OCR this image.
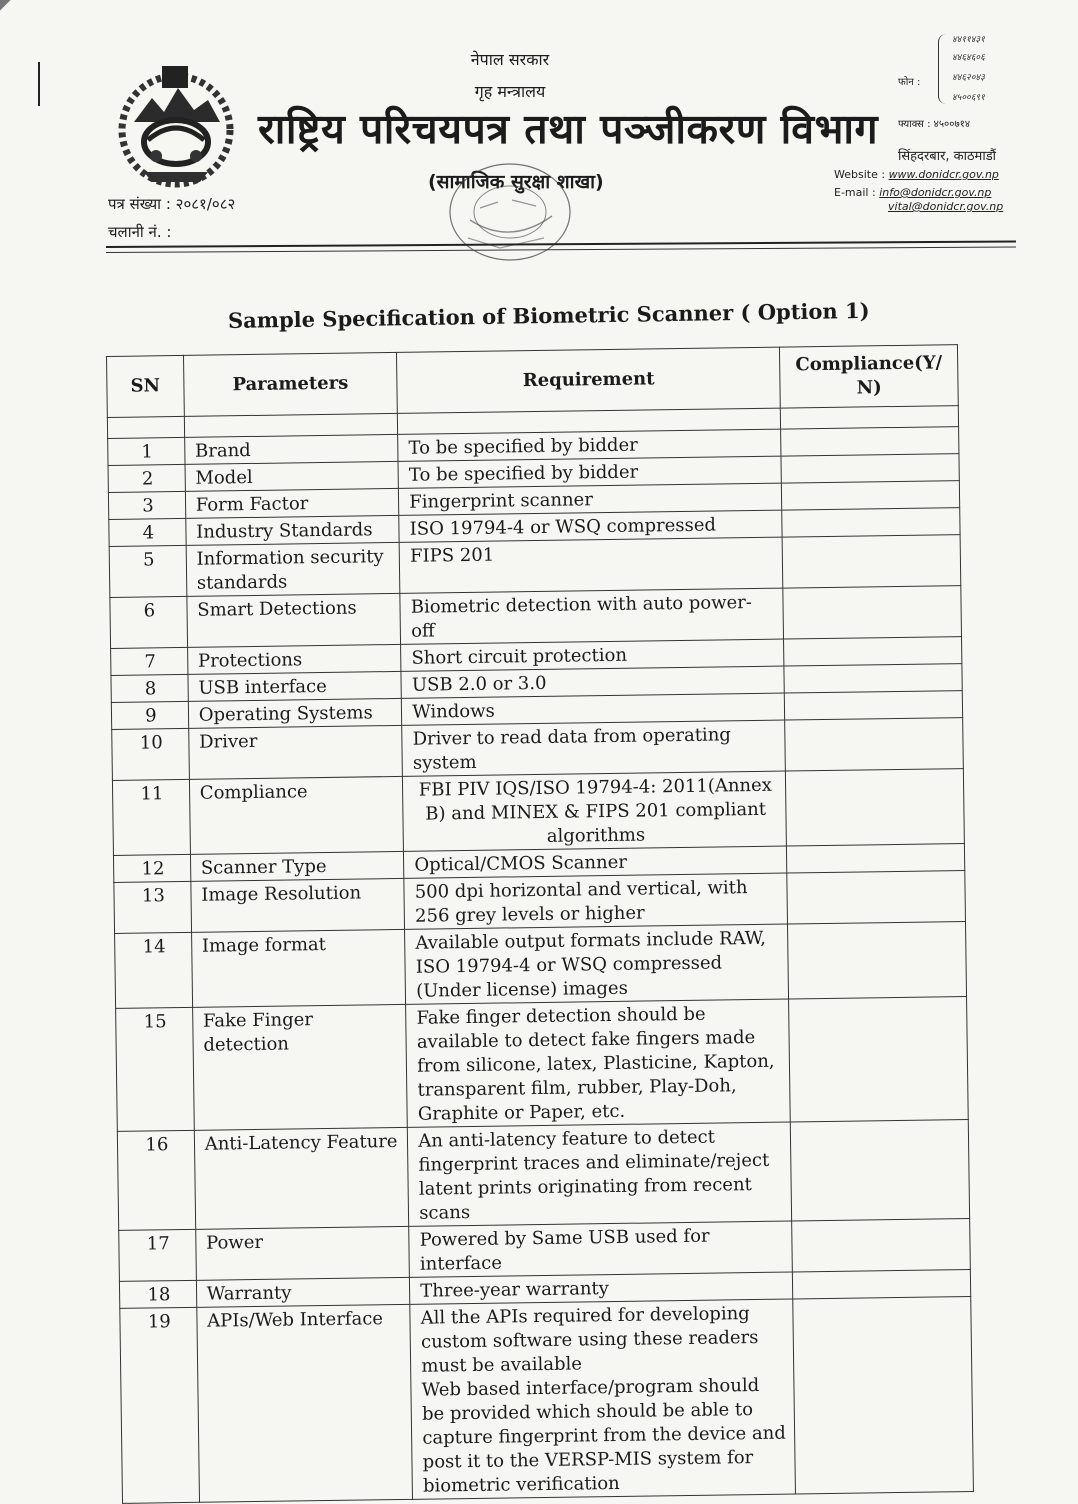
नेपाल सरकार
गृह मन्त्रालय
राष्ट्रिय परिचयपत्र तथा पञ्जीकरण विभाग
(सामाजिक सुरक्षा शाखा)
पत्र संख्या : २०८१/०८२
चलानी नं. :
फोन :
४४११४३१
४४६४६०६
४४६२०४३
४५००६९१
फ्याक्स : ४५००७१४
सिंहदरबार, काठमाडौं
Website : www.donidcr.gov.np
E-mail : info@donidcr.gov.np
vital@donidcr.gov.np
Sample Specification of Biometric Scanner ( Option 1)
SN	Parameters	Requirement	Compliance(Y/ N)

1	Brand	To be specified by bidder	

2	Model	To be specified by bidder	

3	Form Factor	Fingerprint scanner	

4	Industry Standards	ISO 19794-4 or WSQ compressed	

5	Information security standards	FIPS 201	

6	Smart Detections	Biometric detection with auto power-off	

7	Protections	Short circuit protection	

8	USB interface	USB 2.0 or 3.0	

9	Operating Systems	Windows	

10	Driver	Driver to read data from operating system	

11	Compliance	FBI PIV IQS/ISO 19794-4: 2011(Annex B) and MINEX & FIPS 201 compliant algorithms	

12	Scanner Type	Optical/CMOS Scanner	

13	Image Resolution	500 dpi horizontal and vertical, with 256 grey levels or higher	

14	Image format	Available output formats include RAW, ISO 19794-4 or WSQ compressed (Under license) images	

15	Fake Finger detection	Fake finger detection should be available to detect fake fingers made from silicone, latex, Plasticine, Kapton, transparent film, rubber, Play-Doh, Graphite or Paper, etc.	

16	Anti-Latency Feature	An anti-latency feature to detect fingerprint traces and eliminate/reject latent prints originating from recent scans	

17	Power	Powered by Same USB used for interface	

18	Warranty	Three-year warranty	

19	APIs/Web Interface	All the APIs required for developing custom software using these readers must be available
Web based interface/program should be provided which should be able to capture fingerprint from the device and post it to the VERSP-MIS system for biometric verification	
